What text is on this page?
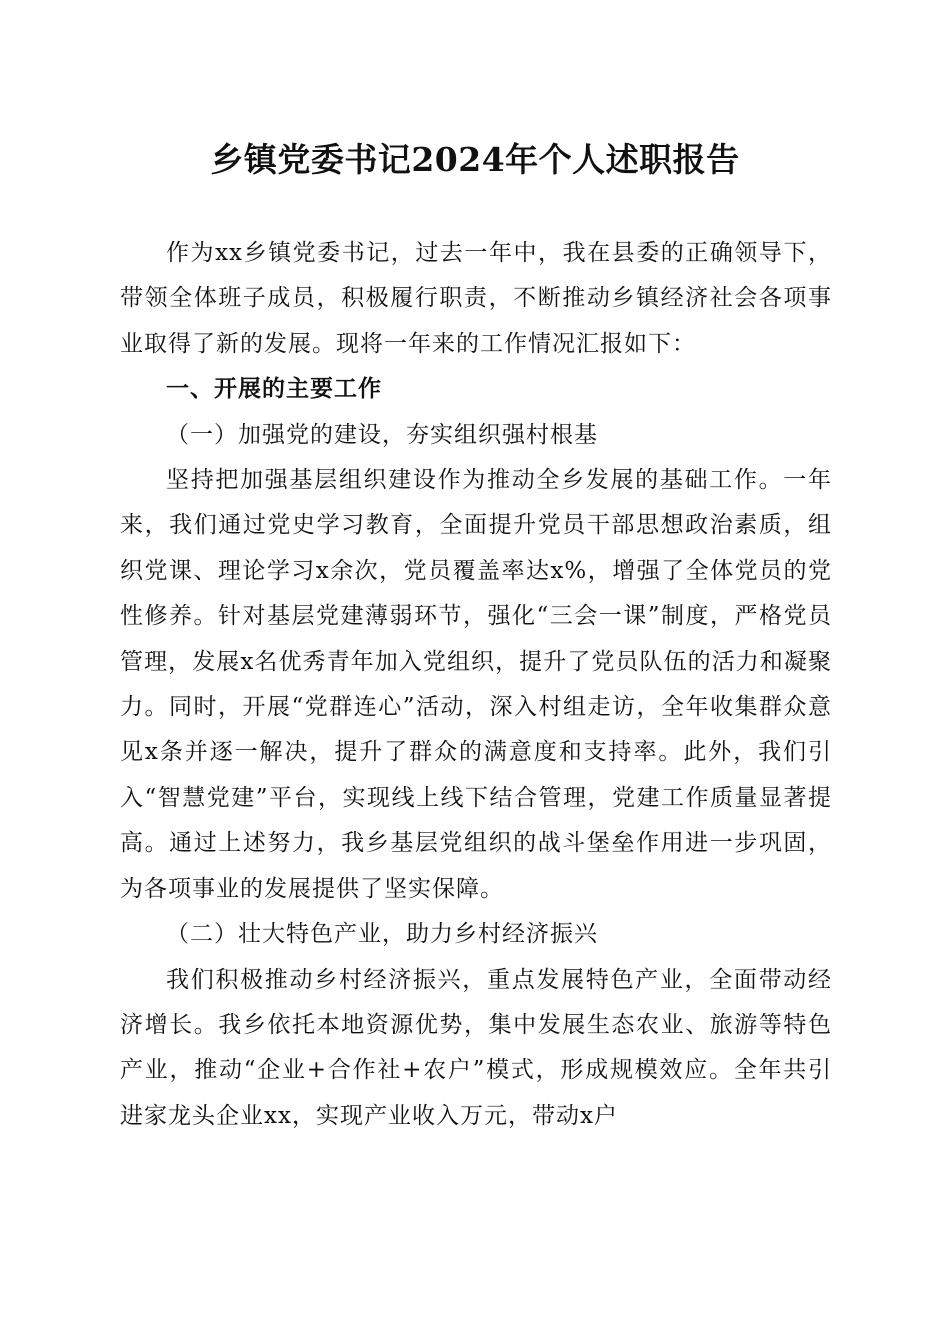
乡镇党委书记2024年个人述职报告

作为xx乡镇党委书记，过去一年中，我在县委的正确领导下，带领全体班子成员，积极履行职责，不断推动乡镇经济社会各项事业取得了新的发展。现将一年来的工作情况汇报如下：

一、开展的主要工作
（一）加强党的建设，夯实组织强村根基

坚持把加强基层组织建设作为推动全乡发展的基础工作。一年来，我们通过党史学习教育，全面提升党员干部思想政治素质，组织党课、理论学习x余次，党员覆盖率达x%，增强了全体党员的党性修养。针对基层党建薄弱环节，强化“三会一课”制度，严格党员管理，发展x名优秀青年加入党组织，提升了党员队伍的活力和凝聚力。同时，开展“党群连心”活动，深入村组走访，全年收集群众意见x条并逐一解决，提升了群众的满意度和支持率。此外，我们引入“智慧党建”平台，实现线上线下结合管理，党建工作质量显著提高。通过上述努力，我乡基层党组织的战斗堡垒作用进一步巩固，为各项事业的发展提供了坚实保障。

（二）壮大特色产业，助力乡村经济振兴

我们积极推动乡村经济振兴，重点发展特色产业，全面带动经济增长。我乡依托本地资源优势，集中发展生态农业、旅游等特色产业，推动“企业+合作社+农户”模式，形成规模效应。全年共引进家龙头企业xx，实现产业收入万元，带动x户
